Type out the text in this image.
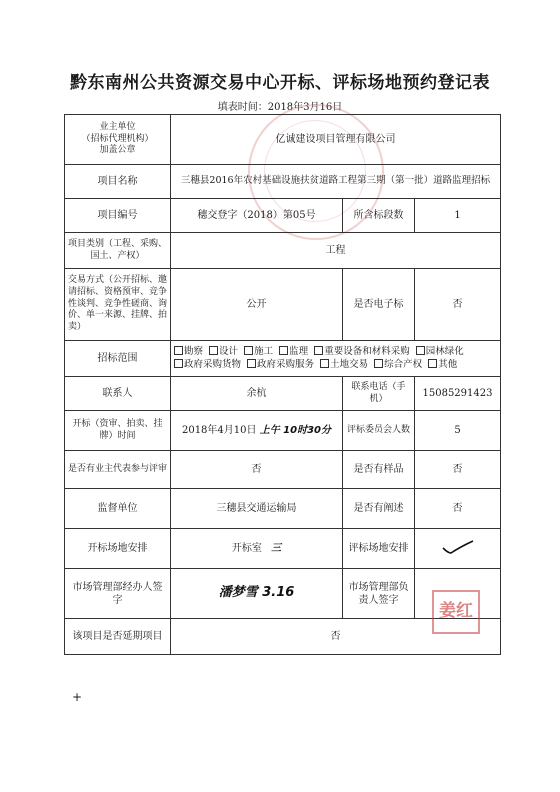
黔东南州公共资源交易中心开标、评标场地预约登记表
填表时间：2018年3月16日
业主单位
（招标代理机构）
加盖公章	亿诚建设项目管理有限公司		
项目名称	三穗县2016年农村基础设施扶贫道路工程第三期（第一批）道路监理招标		
项目编号	穗交登字（2018）第05号	所含标段数	1
项目类别（工程、采购、国土、产权）	工程		
交易方式（公开招标、邀请招标、资格预审、竞争性谈判、竞争性磋商、询价、单一来源、挂牌、拍卖）	公开	是否电子标	否
招标范围	勘察 设计 施工 监理 重要设备和材料采购 园林绿化
政府采购货物 政府采购服务 土地交易 综合产权 其他		

联系人	余杭	联系电话（手机）	15085291423
开标（资审、拍卖、挂牌）时间	2018年4月10日 上午 10时30分	评标委员会人数	5
是否有业主代表参与评审	否	是否有样品	否
监督单位	三穗县交通运输局	是否有阐述	否
开标场地安排	开标室 三	评标场地安排	
市场管理部经办人签字	潘梦雪 3.16	市场管理部负责人签字	
该项目是否延期项目	否		
姜红
+
